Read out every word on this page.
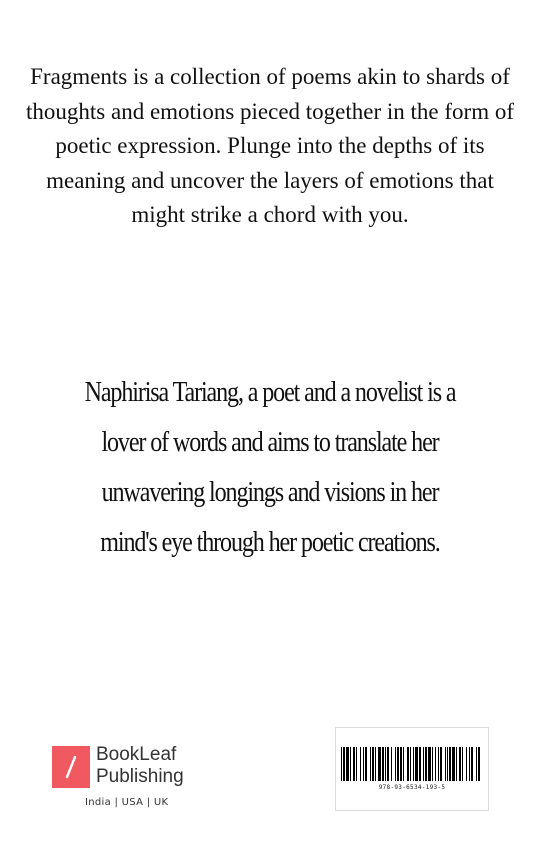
Fragments is a collection of poems akin to shards of thoughts and emotions pieced together in the form of poetic expression. Plunge into the depths of its meaning and uncover the layers of emotions that might strike a chord with you.

Naphirisa Tariang, a poet and a novelist is a lover of words and aims to translate her unwavering longings and visions in her mind's eye through her poetic creations.

BookLeaf
Publishing
India | USA | UK
978-93-6534-193-5
